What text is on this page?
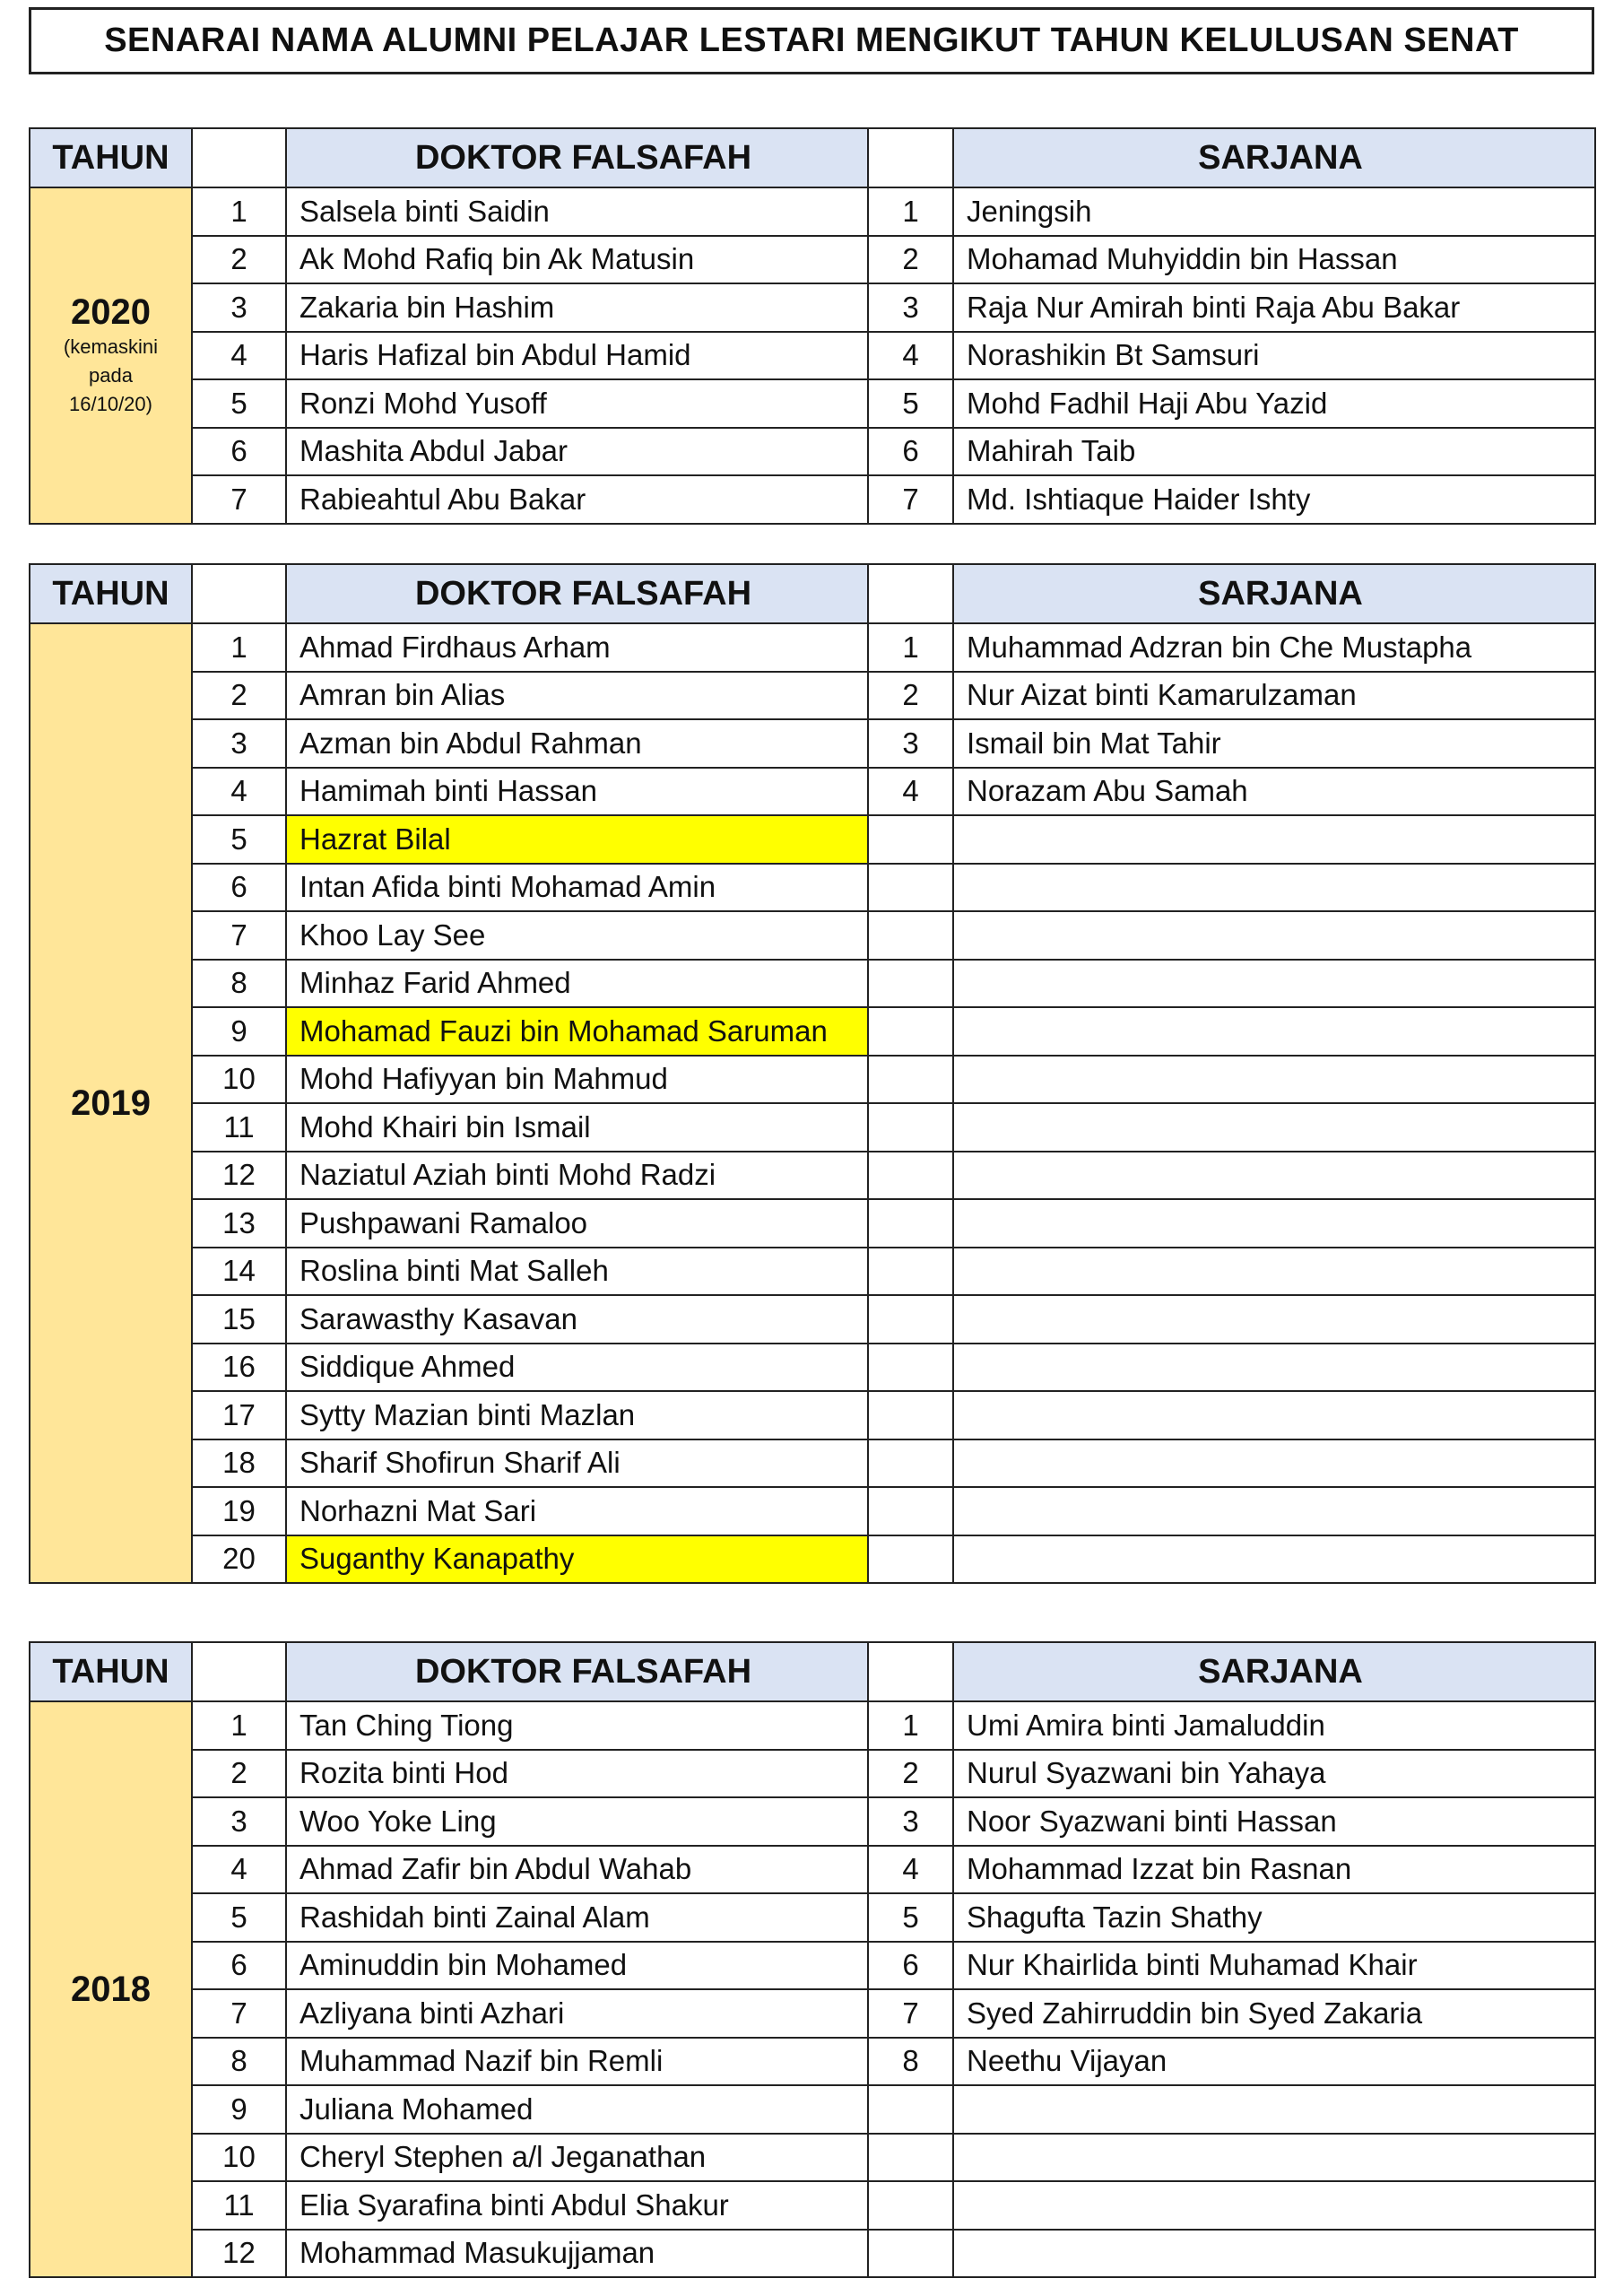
SENARAI NAMA ALUMNI PELAJAR LESTARI MENGIKUT TAHUN KELULUSAN SENAT
TAHUN		DOKTOR FALSAFAH		SARJANA

2020
(kemaskini
pada
16/10/20)	1	Salsela binti Saidin	1	Jeningsih
	2	Ak Mohd Rafiq bin Ak Matusin	2	Mohamad Muhyiddin bin Hassan
	3	Zakaria bin Hashim	3	Raja Nur Amirah binti Raja Abu Bakar
	4	Haris Hafizal bin Abdul Hamid	4	Norashikin Bt Samsuri
	5	Ronzi Mohd Yusoff	5	Mohd Fadhil Haji Abu Yazid
	6	Mashita Abdul Jabar	6	Mahirah Taib
	7	Rabieahtul Abu Bakar	7	Md. Ishtiaque Haider Ishty
TAHUN		DOKTOR FALSAFAH		SARJANA

2019	1	Ahmad Firdhaus Arham	1	Muhammad Adzran bin Che Mustapha
	2	Amran bin Alias	2	Nur Aizat binti Kamarulzaman
	3	Azman bin Abdul Rahman	3	Ismail bin Mat Tahir
	4	Hamimah binti Hassan	4	Norazam Abu Samah
	5	Hazrat Bilal		
	6	Intan Afida binti Mohamad Amin		
	7	Khoo Lay See		
	8	Minhaz Farid Ahmed		
	9	Mohamad Fauzi bin Mohamad Saruman		
	10	Mohd Hafiyyan bin Mahmud		
	11	Mohd Khairi bin Ismail		
	12	Naziatul Aziah binti Mohd Radzi		
	13	Pushpawani Ramaloo		
	14	Roslina binti Mat Salleh		
	15	Sarawasthy Kasavan		
	16	Siddique Ahmed		
	17	Sytty Mazian binti Mazlan		
	18	Sharif Shofirun Sharif Ali		
	19	Norhazni Mat Sari		
	20	Suganthy Kanapathy		
TAHUN		DOKTOR FALSAFAH		SARJANA

2018	1	Tan Ching Tiong	1	Umi Amira binti Jamaluddin
	2	Rozita binti Hod	2	Nurul Syazwani bin Yahaya
	3	Woo Yoke Ling	3	Noor Syazwani binti Hassan
	4	Ahmad Zafir bin Abdul Wahab	4	Mohammad Izzat bin Rasnan
	5	Rashidah binti Zainal Alam	5	Shagufta Tazin Shathy
	6	Aminuddin bin Mohamed	6	Nur Khairlida binti Muhamad Khair
	7	Azliyana binti Azhari	7	Syed Zahirruddin bin Syed Zakaria
	8	Muhammad Nazif bin Remli	8	Neethu Vijayan
	9	Juliana Mohamed		
	10	Cheryl Stephen a/l Jeganathan		
	11	Elia Syarafina binti Abdul Shakur		
	12	Mohammad Masukujjaman		
